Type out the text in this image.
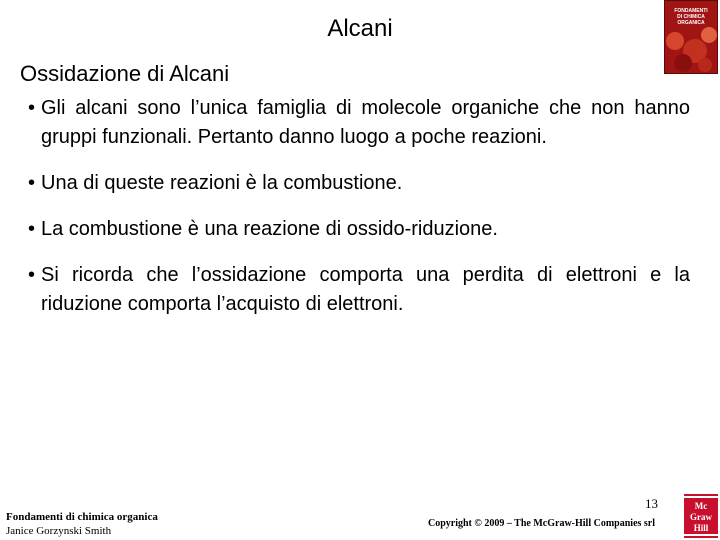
Alcani
FONDAMENTI
DI CHIMICA
ORGANICA
Ossidazione di Alcani
• Gli alcani sono l’unica famiglia di molecole organiche che non hanno gruppi funzionali. Pertanto danno luogo a poche reazioni.
• Una di queste reazioni è la combustione.
• La combustione è una reazione di ossido-riduzione.
• Si ricorda che l’ossidazione comporta una perdita di elettroni e la riduzione comporta l’acquisto di elettroni.
Fondamenti di chimica organica
Janice Gorzynski Smith
13
Copyright © 2009 – The McGraw-Hill Companies srl
Mc
Graw
Hill
